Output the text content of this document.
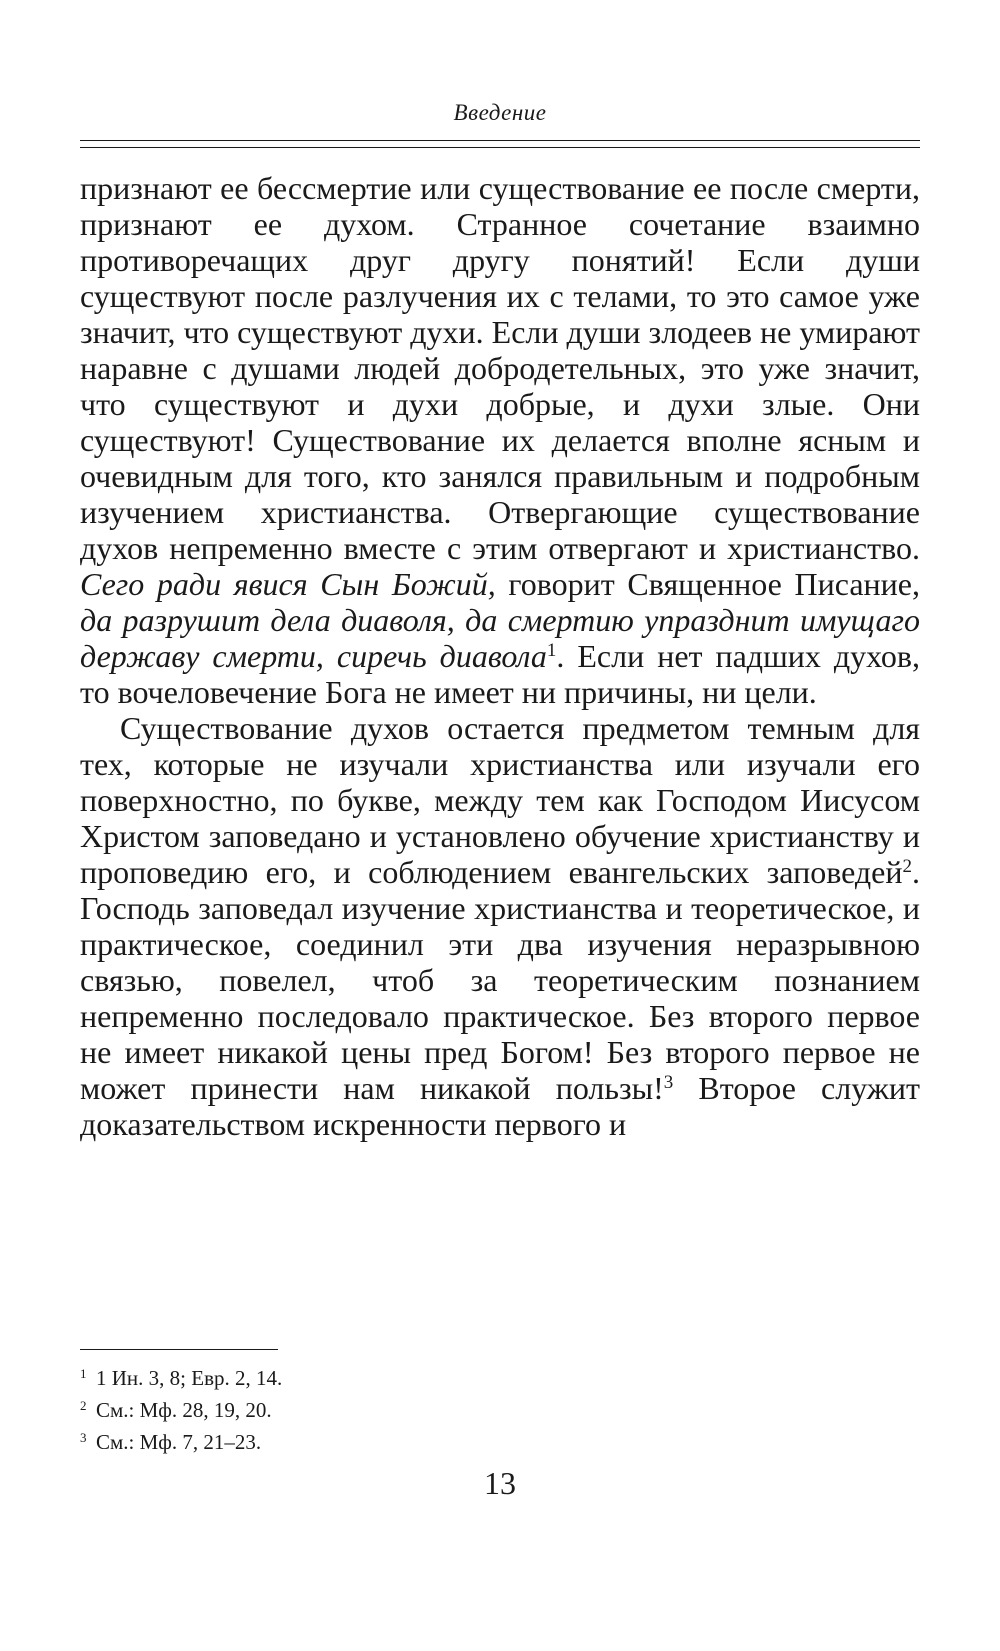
Введение

признают ее бессмертие или существование ее после смерти, признают ее духом. Странное сочетание взаимно противоречащих друг другу понятий! Если души существуют после разлучения их с телами, то это самое уже значит, что существуют духи. Если души злодеев не умирают наравне с душами людей добродетельных, это уже значит, что существуют и духи добрые, и духи злые. Они существуют! Существование их делается вполне ясным и очевидным для того, кто занялся правильным и подробным изучением христианства. Отвергающие существование духов непременно вместе с этим отвергают и христианство. Сего ради явися Сын Божий, говорит Священное Писание, да разрушит дела диаволя, да смертию упразднит имущаго державу смерти, сиречь диавола$^1$. Если нет падших духов, то вочеловечение Бога не имеет ни причины, ни цели.

Существование духов остается предметом темным для тех, которые не изучали христианства или изучали его поверхностно, по букве, между тем как Господом Иисусом Христом заповедано и установлено обучение христианству и проповедию его, и соблюдением евангельских заповедей$^2$. Господь заповедал изучение христианства и теоретическое, и практическое, соединил эти два изучения неразрывною связью, повелел, чтоб за теоретическим познанием непременно последовало практическое. Без второго первое не имеет никакой цены пред Богом! Без второго первое не может принести нам никакой пользы!$^3$ Второе служит доказательством искренности первого и

1 1 Ин. 3, 8; Евр. 2, 14.

2 См.: Мф. 28, 19, 20.

3 См.: Мф. 7, 21–23.

13
